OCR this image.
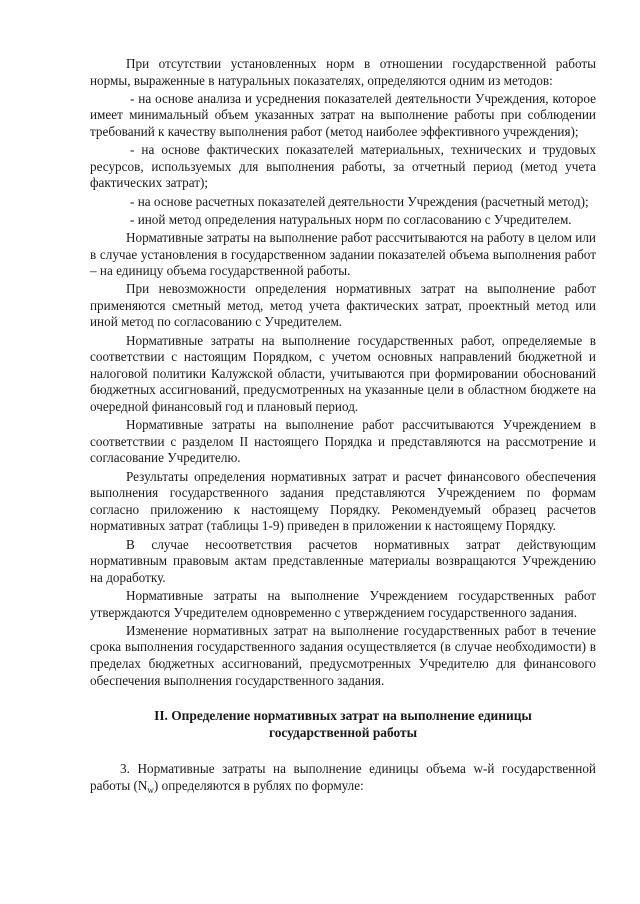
При отсутствии установленных норм в отношении государственной работы нормы, выраженные в натуральных показателях, определяются одним из методов:

- на основе анализа и усреднения показателей деятельности Учреждения, которое имеет минимальный объем указанных затрат на выполнение работы при соблюдении требований к качеству выполнения работ (метод наиболее эффективного учреждения);

- на основе фактических показателей материальных, технических и трудовых ресурсов, используемых для выполнения работы, за отчетный период (метод учета фактических затрат);

- на основе расчетных показателей деятельности Учреждения (расчетный метод);

- иной метод определения натуральных норм по согласованию с Учредителем.

Нормативные затраты на выполнение работ рассчитываются на работу в целом или в случае установления в государственном задании показателей объема выполнения работ – на единицу объема государственной работы.

При невозможности определения нормативных затрат на выполнение работ применяются сметный метод, метод учета фактических затрат, проектный метод или иной метод по согласованию с Учредителем.

Нормативные затраты на выполнение государственных работ, определяемые в соответствии с настоящим Порядком, с учетом основных направлений бюджетной и налоговой политики Калужской области, учитываются при формировании обоснований бюджетных ассигнований, предусмотренных на указанные цели в областном бюджете на очередной финансовый год и плановый период.

Нормативные затраты на выполнение работ рассчитываются Учреждением в соответствии с разделом II настоящего Порядка и представляются на рассмотрение и согласование Учредителю.

Результаты определения нормативных затрат и расчет финансового обеспечения выполнения государственного задания представляются Учреждением по формам согласно приложению к настоящему Порядку. Рекомендуемый образец расчетов нормативных затрат (таблицы 1-9) приведен в приложении к настоящему Порядку.

В случае несоответствия расчетов нормативных затрат действующим нормативным правовым актам представленные материалы возвращаются Учреждению на доработку.

Нормативные затраты на выполнение Учреждением государственных работ утверждаются Учредителем одновременно с утверждением государственного задания.

Изменение нормативных затрат на выполнение государственных работ в течение срока выполнения государственного задания осуществляется (в случае необходимости) в пределах бюджетных ассигнований, предусмотренных Учредителю для финансового обеспечения выполнения государственного задания.

II. Определение нормативных затрат на выполнение единицы государственной работы

3. Нормативные затраты на выполнение единицы объема w-й государственной работы $(N_w)$ определяются в рублях по формуле:
